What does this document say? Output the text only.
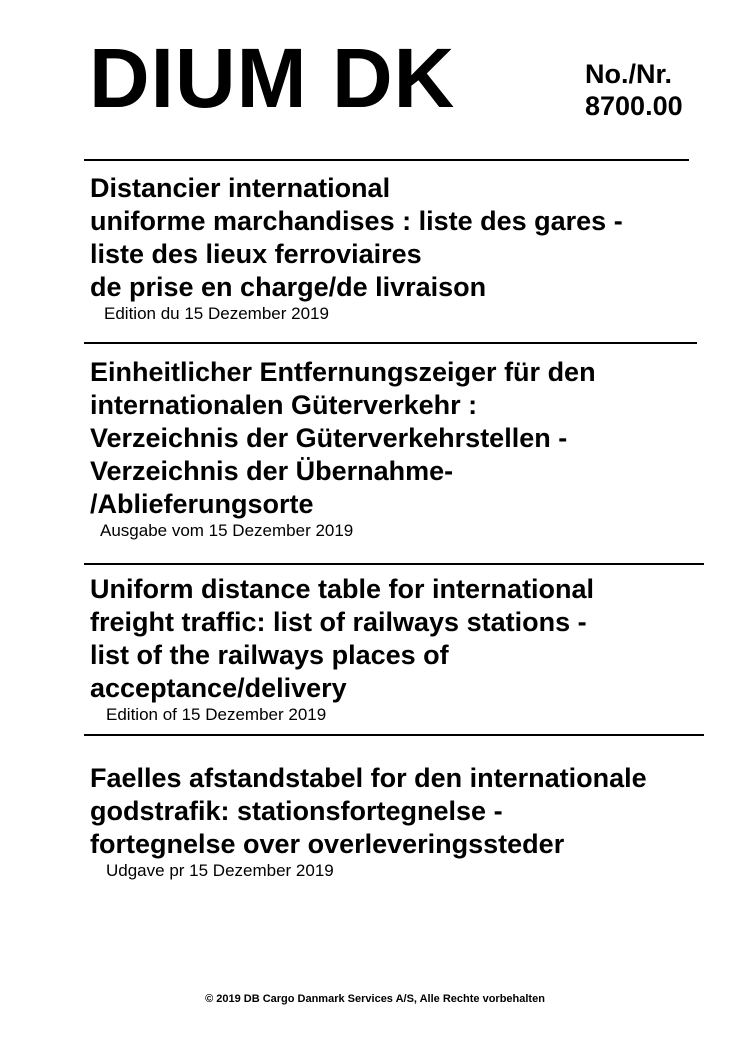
DIUM DK	No./Nr.
8700.00
Distancier international
uniforme marchandises : liste des gares -
liste des lieux ferroviaires
de prise en charge/de livraison

Edition du 15 Dezember 2019

Einheitlicher Entfernungszeiger für den
internationalen Güterverkehr :
Verzeichnis der Güterverkehrstellen -
Verzeichnis der Übernahme-
/Ablieferungsorte

Ausgabe vom 15 Dezember 2019

Uniform distance table for international
freight traffic: list of railways stations -
list of the railways places of
acceptance/delivery

Edition of 15 Dezember 2019

Faelles afstandstabel for den internationale
godstrafik: stationsfortegnelse -
fortegnelse over overleveringssteder

Udgave pr 15 Dezember 2019

© 2019 DB Cargo Danmark Services A/S, Alle Rechte vorbehalten
